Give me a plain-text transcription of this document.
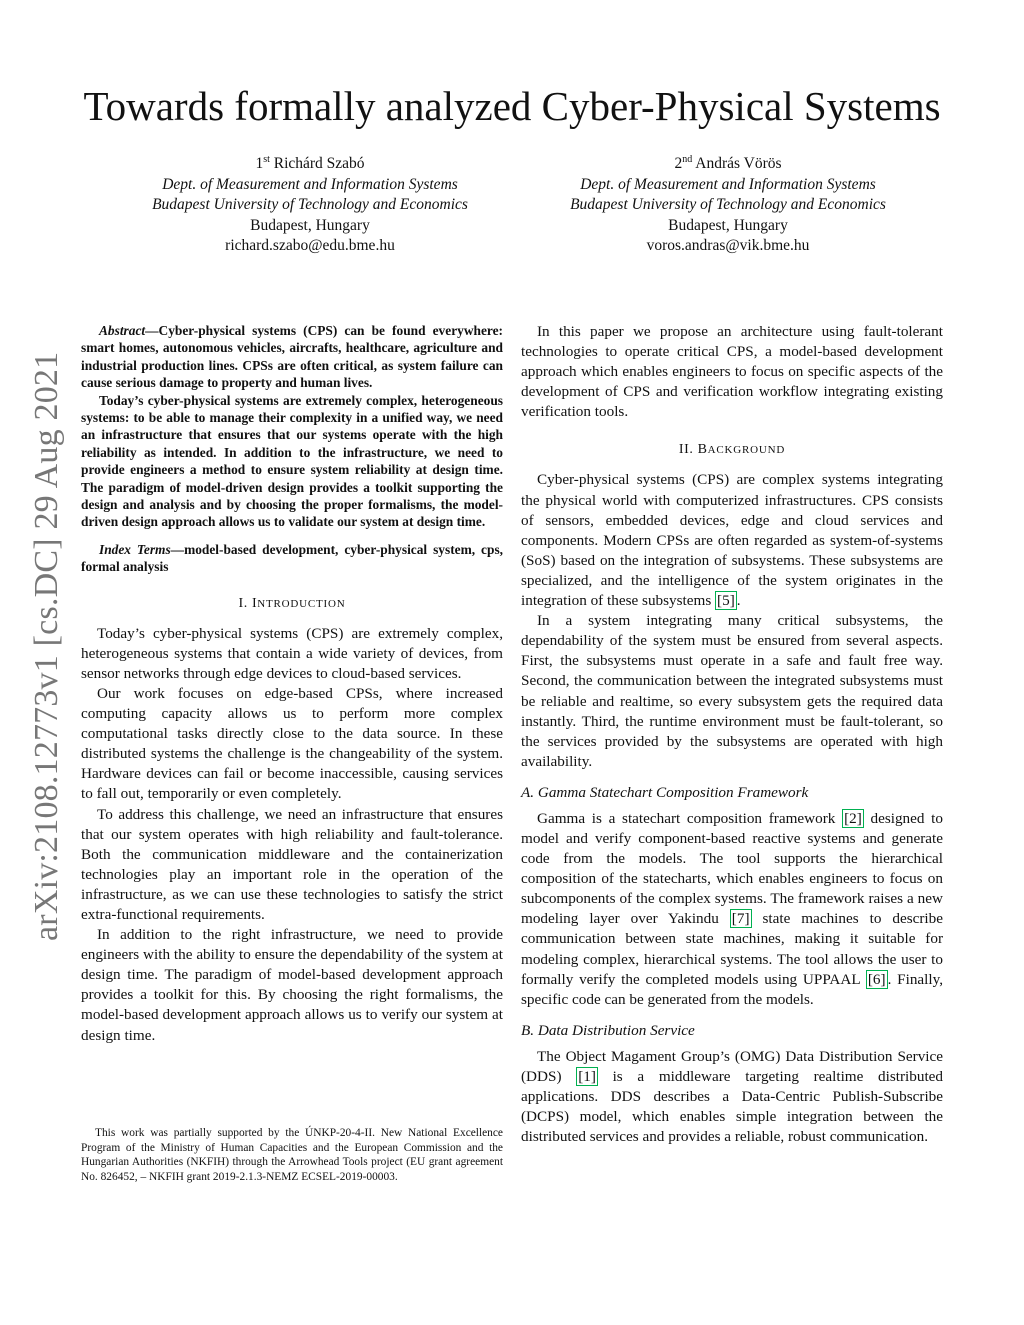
Towards formally analyzed Cyber-Physical Systems
1st Richárd Szabó
Dept. of Measurement and Information Systems
Budapest University of Technology and Economics
Budapest, Hungary
richard.szabo@edu.bme.hu
2nd András Vörös
Dept. of Measurement and Information Systems
Budapest University of Technology and Economics
Budapest, Hungary
voros.andras@vik.bme.hu
arXiv:2108.12773v1 [cs.DC] 29 Aug 2021

Abstract—Cyber-physical systems (CPS) can be found everywhere: smart homes, autonomous vehicles, aircrafts, healthcare, agriculture and industrial production lines. CPSs are often critical, as system failure can cause serious damage to property and human lives.

Today’s cyber-physical systems are extremely complex, heterogeneous systems: to be able to manage their complexity in a unified way, we need an infrastructure that ensures that our systems operate with the high reliability as intended. In addition to the infrastructure, we need to provide engineers a method to ensure system reliability at design time. The paradigm of model-driven design provides a toolkit supporting the design and analysis and by choosing the proper formalisms, the model-driven design approach allows us to validate our system at design time.

Index Terms—model-based development, cyber-physical system, cps, formal analysis

I. INTRODUCTION

Today’s cyber-physical systems (CPS) are extremely complex, heterogeneous systems that contain a wide variety of devices, from sensor networks through edge devices to cloud-based services.

Our work focuses on edge-based CPSs, where increased computing capacity allows us to perform more complex computational tasks directly close to the data source. In these distributed systems the challenge is the changeability of the system. Hardware devices can fail or become inaccessible, causing services to fall out, temporarily or even completely.

To address this challenge, we need an infrastructure that ensures that our system operates with high reliability and fault-tolerance. Both the communication middleware and the containerization technologies play an important role in the operation of the infrastructure, as we can use these technologies to satisfy the strict extra-functional requirements.

In addition to the right infrastructure, we need to provide engineers with the ability to ensure the dependability of the system at design time. The paradigm of model-based development approach provides a toolkit for this. By choosing the right formalisms, the model-based development approach allows us to verify our system at design time.

This work was partially supported by the ÚNKP-20-4-II. New National Excellence Program of the Ministry of Human Capacities and the European Commission and the Hungarian Authorities (NKFIH) through the Arrowhead Tools project (EU grant agreement No. 826452, – NKFIH grant 2019-2.1.3-NEMZ ECSEL-2019-00003.

In this paper we propose an architecture using fault-tolerant technologies to operate critical CPS, a model-based development approach which enables engineers to focus on specific aspects of the development of CPS and verification workflow integrating existing verification tools.

II. BACKGROUND

Cyber-physical systems (CPS) are complex systems integrating the physical world with computerized infrastructures. CPS consists of sensors, embedded devices, edge and cloud services and components. Modern CPSs are often regarded as system-of-systems (SoS) based on the integration of subsystems. These subsystems are specialized, and the intelligence of the system originates in the integration of these subsystems [5] .

In a system integrating many critical subsystems, the dependability of the system must be ensured from several aspects. First, the subsystems must operate in a safe and fault free way. Second, the communication between the integrated subsystems must be reliable and realtime, so every subsystem gets the required data instantly. Third, the runtime environment must be fault-tolerant, so the services provided by the subsystems are operated with high availability.

A. Gamma Statechart Composition Framework

Gamma is a statechart composition framework [2] designed to model and verify component-based reactive systems and generate code from the models. The tool supports the hierarchical composition of the statecharts, which enables engineers to focus on subcomponents of the complex systems. The framework raises a new modeling layer over Yakindu [7] state machines to describe communication between state machines, making it suitable for modeling complex, hierarchical systems. The tool allows the user to formally verify the completed models using UPPAAL [6] . Finally, specific code can be generated from the models.

B. Data Distribution Service

The Object Magament Group’s (OMG) Data Distribution Service (DDS) [1] is a middleware targeting realtime distributed applications. DDS describes a Data-Centric Publish-Subscribe (DCPS) model, which enables simple integration between the distributed services and provides a reliable, robust communication.
